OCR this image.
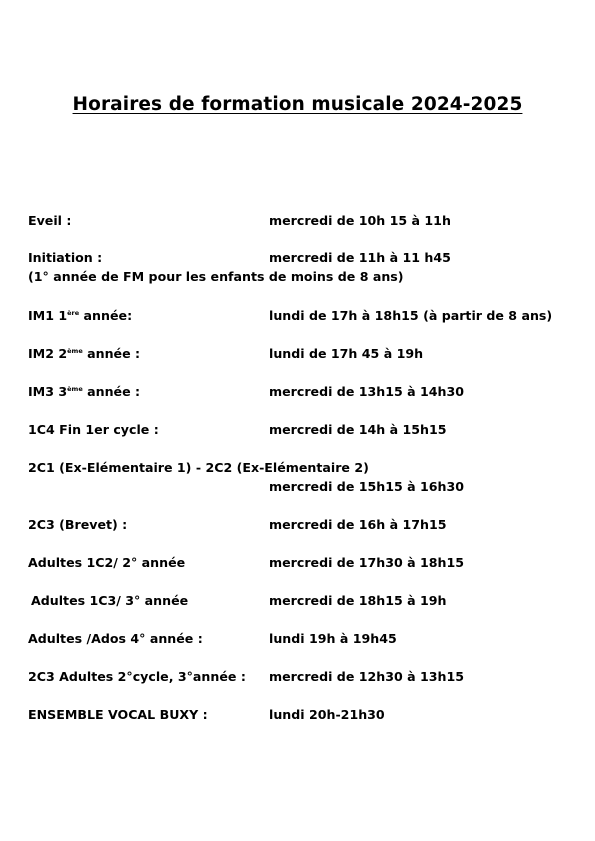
Horaires de formation musicale 2024-2025
Eveil :	mercredi de 10h 15 à 11h
Initiation :	mercredi de 11h à 11 h45
(1° année de FM pour les enfants de moins de 8 ans)
IM1 1ère année:	lundi de 17h à 18h15 (à partir de 8 ans)
IM2 2ème année :	lundi de 17h 45 à 19h
IM3 3ème année :	mercredi de 13h15 à 14h30
1C4 Fin 1er cycle :	mercredi de 14h à 15h15
2C1 (Ex-Elémentaire 1) - 2C2 (Ex-Elémentaire 2)
mercredi de 15h15 à 16h30
2C3 (Brevet) :	mercredi de 16h à 17h15
Adultes 1C2/ 2° année	mercredi de 17h30 à 18h15
Adultes 1C3/ 3° année	mercredi de 18h15 à 19h
Adultes /Ados 4° année :	lundi 19h à 19h45
2C3 Adultes 2°cycle, 3°année : mercredi de 12h30 à 13h15
ENSEMBLE VOCAL BUXY :	lundi 20h-21h30
